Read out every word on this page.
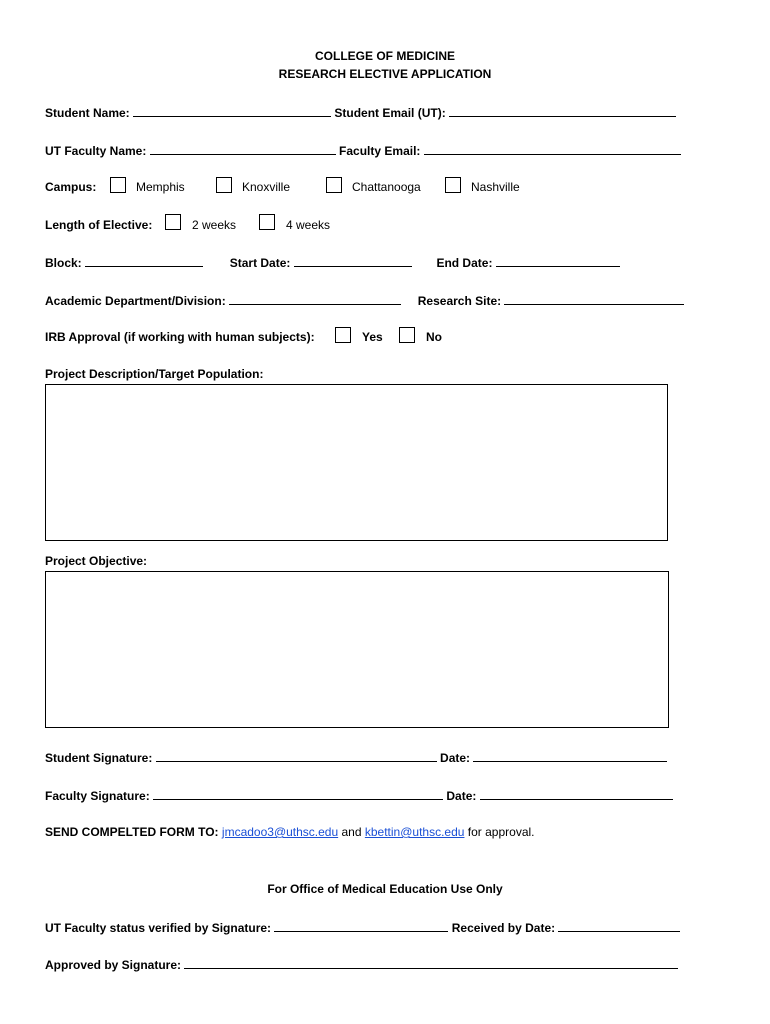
COLLEGE OF MEDICINE
RESEARCH ELECTIVE APPLICATION
Student Name:	Student Email (UT):
UT Faculty Name:	Faculty Email:
Campus:	Memphis	Knoxville	Chattanooga	Nashville
Length of Elective:	2 weeks	4 weeks
Block:	Start Date:	End Date:
Academic Department/Division:	Research Site:
IRB Approval (if working with human subjects):	Yes	No
Project Description/Target Population:
Project Objective:
Student Signature:	Date:
Faculty Signature:	Date:
SEND COMPELTED FORM TO: jmcadoo3@uthsc.edu and kbettin@uthsc.edu for approval.
For Office of Medical Education Use Only
UT Faculty status verified by Signature:	Received by Date:
Approved by Signature:
